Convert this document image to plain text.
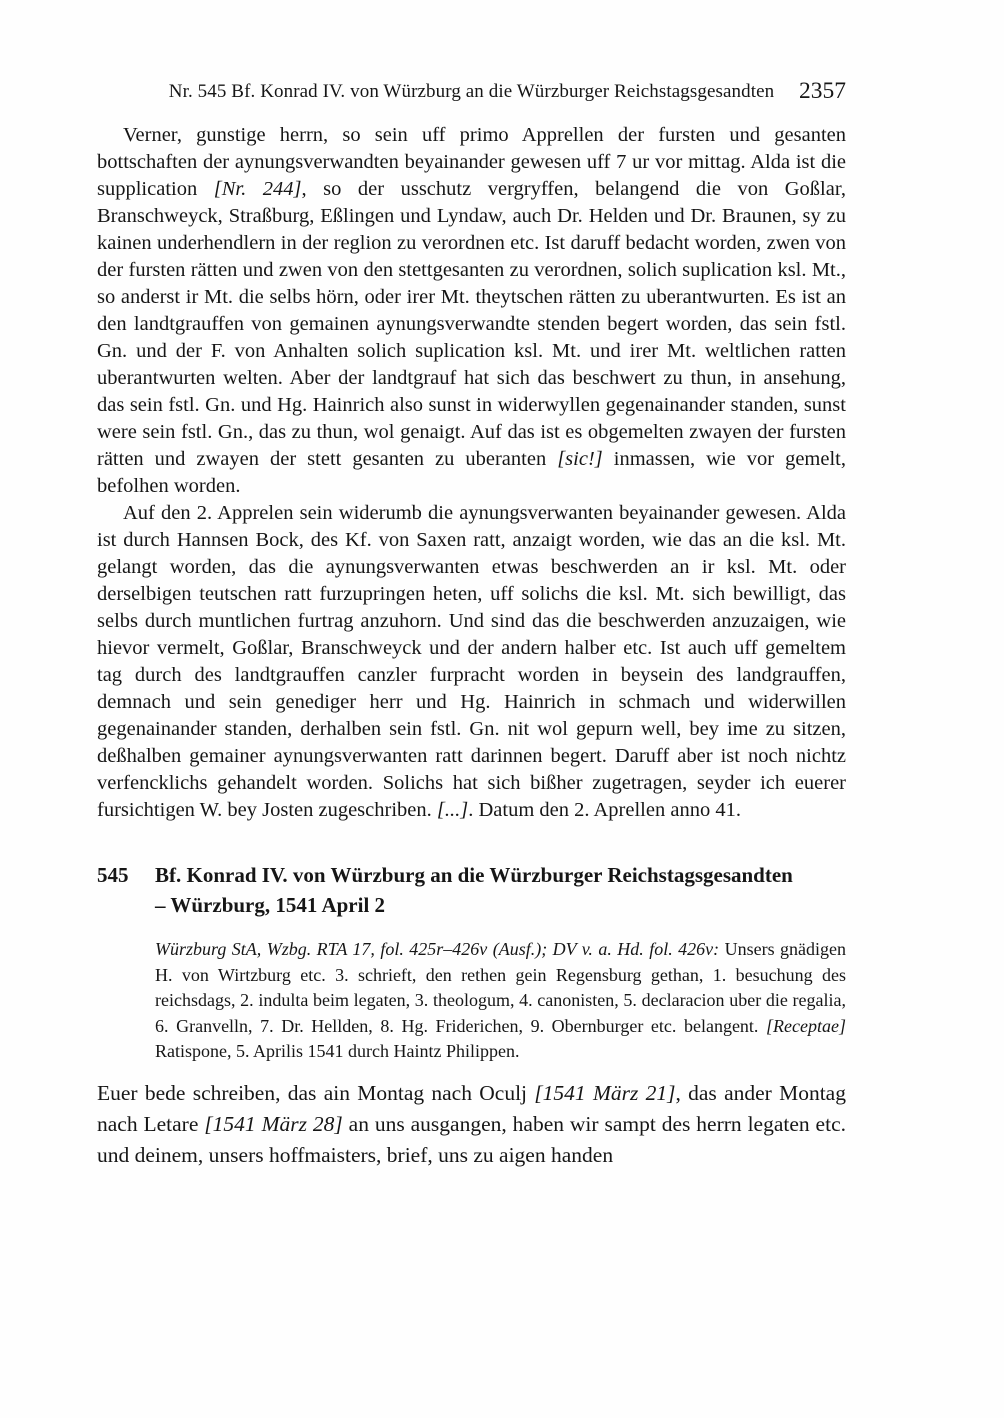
Nr. 545 Bf. Konrad IV. von Würzburg an die Würzburger Reichstagsgesandten	2357

Verner, gunstige herrn, so sein uff primo Apprellen der fursten und gesanten bottschaften der aynungsverwandten beyainander gewesen uff 7 ur vor mittag. Alda ist die supplication [Nr. 244], so der usschutz vergryffen, belangend die von Goßlar, Branschweyck, Straßburg, Eßlingen und Lyndaw, auch Dr. Helden und Dr. Braunen, sy zu kainen underhendlern in der reglion zu verordnen etc. Ist daruff bedacht worden, zwen von der fursten rätten und zwen von den stettgesanten zu verordnen, solich suplication ksl. Mt., so anderst ir Mt. die selbs hörn, oder irer Mt. theytschen rätten zu uberantwurten. Es ist an den landtgrauffen von gemainen aynungsverwandte stenden begert worden, das sein fstl. Gn. und der F. von Anhalten solich suplication ksl. Mt. und irer Mt. weltlichen ratten uberantwurten welten. Aber der landtgrauf hat sich das beschwert zu thun, in ansehung, das sein fstl. Gn. und Hg. Hainrich also sunst in widerwyllen gegenainander standen, sunst were sein fstl. Gn., das zu thun, wol genaigt. Auf das ist es obgemelten zwayen der fursten rätten und zwayen der stett gesanten zu uberanten [sic!] inmassen, wie vor gemelt, befolhen worden.

Auf den 2. Apprelen sein widerumb die aynungsverwanten beyainander gewesen. Alda ist durch Hannsen Bock, des Kf. von Saxen ratt, anzaigt worden, wie das an die ksl. Mt. gelangt worden, das die aynungsverwanten etwas beschwerden an ir ksl. Mt. oder derselbigen teutschen ratt furzupringen heten, uff solichs die ksl. Mt. sich bewilligt, das selbs durch muntlichen furtrag anzuhorn. Und sind das die beschwerden anzuzaigen, wie hievor vermelt, Goßlar, Branschweyck und der andern halber etc. Ist auch uff gemeltem tag durch des landtgrauffen canzler furpracht worden in beysein des landgrauffen, demnach und sein genediger herr und Hg. Hainrich in schmach und widerwillen gegenainander standen, derhalben sein fstl. Gn. nit wol gepurn well, bey ime zu sitzen, deßhalben gemainer aynungsverwanten ratt darinnen begert. Daruff aber ist noch nichtz verfencklichs gehandelt worden. Solichs hat sich bißher zugetragen, seyder ich euerer fursichtigen W. bey Josten zugeschriben. [...]. Datum den 2. Aprellen anno 41.

545	Bf. Konrad IV. von Würzburg an die Würzburger Reichstagsgesandten
– Würzburg, 1541 April 2

Würzburg StA, Wzbg. RTA 17, fol. 425r–426v (Ausf.); DV v. a. Hd. fol. 426v: Unsers gnädigen H. von Wirtzburg etc. 3. schrieft, den rethen gein Regensburg gethan, 1. besuchung des reichsdags, 2. indulta beim legaten, 3. theologum, 4. canonisten, 5. declaracion uber die regalia, 6. Granvelln, 7. Dr. Hellden, 8. Hg. Friderichen, 9. Obernburger etc. belangent. [Receptae] Ratispone, 5. Aprilis 1541 durch Haintz Philippen.

Euer bede schreiben, das ain Montag nach Oculj [1541 März 21], das ander Montag nach Letare [1541 März 28] an uns ausgangen, haben wir sampt des herrn legaten etc. und deinem, unsers hoffmaisters, brief, uns zu aigen handen
